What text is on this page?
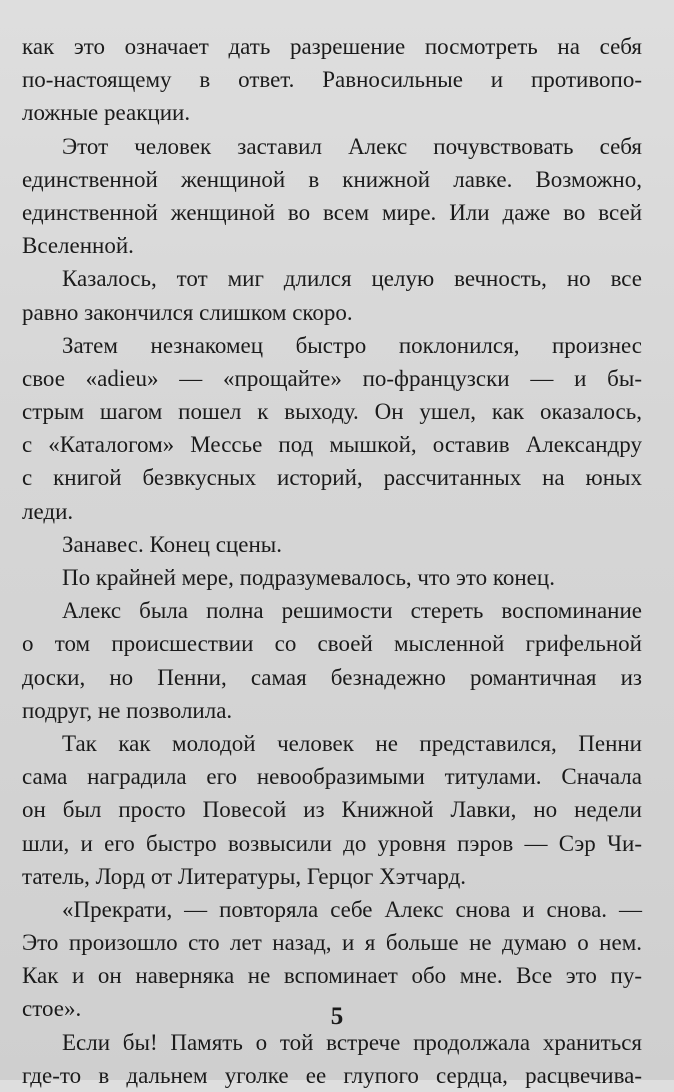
как это означает дать разрешение посмотреть на себя
по-настоящему в ответ. Равносильные и противопо-
ложные реакции.
Этот человек заставил Алекс почувствовать себя
единственной женщиной в книжной лавке. Возможно,
единственной женщиной во всем мире. Или даже во всей
Вселенной.
Казалось, тот миг длился целую вечность, но все
равно закончился слишком скоро.
Затем незнакомец быстро поклонился, произнес
свое «adieu» — «прощайте» по-французски — и бы-
стрым шагом пошел к выходу. Он ушел, как оказалось,
с «Каталогом» Мессье под мышкой, оставив Александру
с книгой безвкусных историй, рассчитанных на юных
леди.
Занавес. Конец сцены.
По крайней мере, подразумевалось, что это конец.
Алекс была полна решимости стереть воспоминание
о том происшествии со своей мысленной грифельной
доски, но Пенни, самая безнадежно романтичная из
подруг, не позволила.
Так как молодой человек не представился, Пенни
сама наградила его невообразимыми титулами. Сначала
он был просто Повесой из Книжной Лавки, но недели
шли, и его быстро возвысили до уровня пэров — Сэр Чи-
татель, Лорд от Литературы, Герцог Хэтчард.
«Прекрати, — повторяла себе Алекс снова и снова. —
Это произошло сто лет назад, и я больше не думаю о нем.
Как и он наверняка не вспоминает обо мне. Все это пу-
стое».
Если бы! Память о той встрече продолжала храниться
где-то в дальнем уголке ее глупого сердца, расцвечива-
5
